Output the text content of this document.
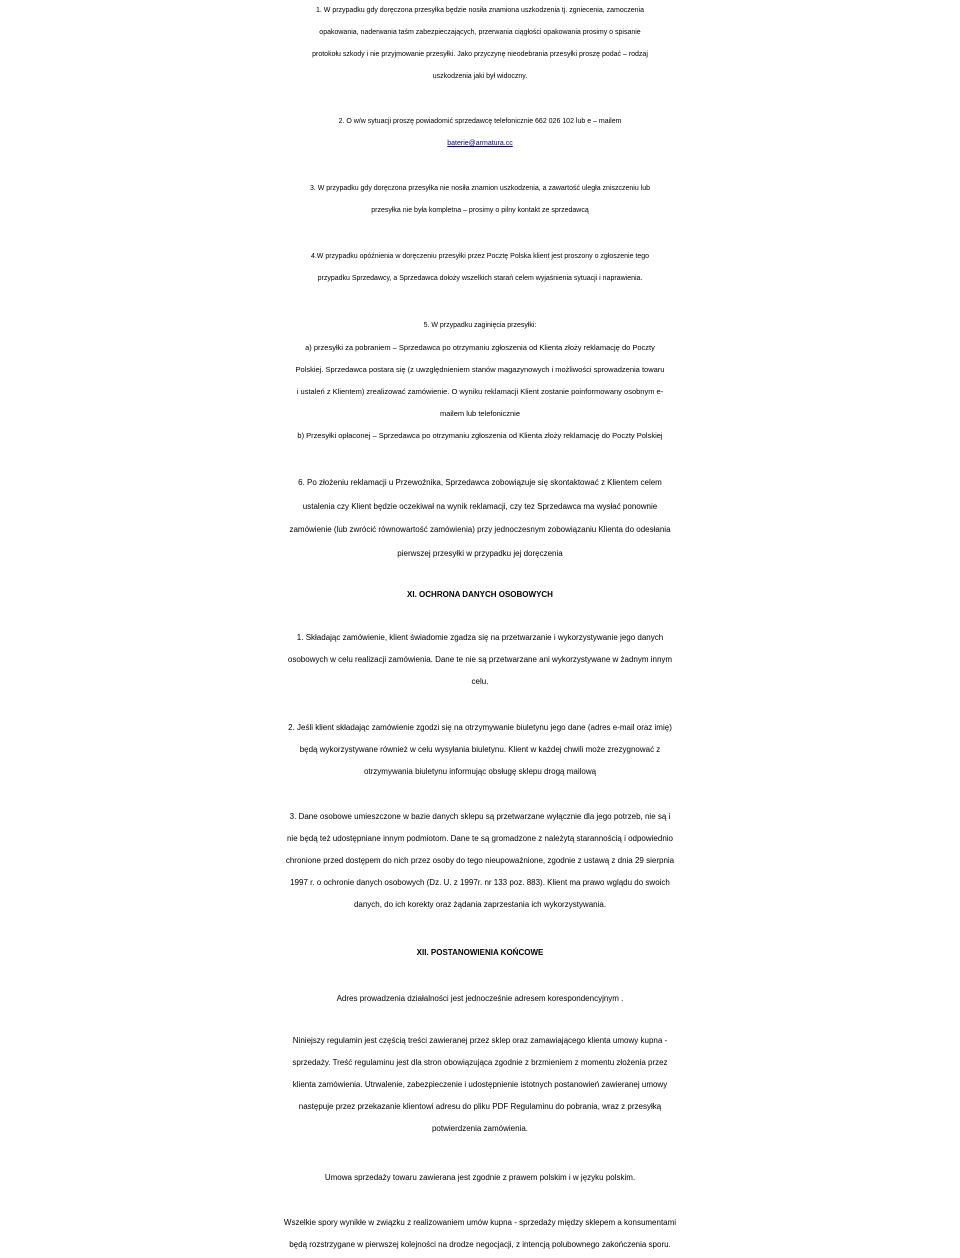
1. W przypadku gdy doręczona przesyłka będzie nosiła znamiona uszkodzenia tj. zgniecenia, zamoczenia
opakowania, naderwania taśm zabezpieczających, przerwania ciągłości opakowania prosimy o spisanie
protokołu szkody i nie przyjmowanie przesyłki. Jako przyczynę nieodebrania przesyłki proszę podać – rodzaj
uszkodzenia jaki był widoczny.
2. O w/w sytuacji proszę powiadomić sprzedawcę telefonicznie 662 026 102 lub e – mailem
baterie@armatura.cc
3. W przypadku gdy doręczona przesyłka nie nosiła znamion uszkodzenia, a zawartość uległa zniszczeniu lub
przesyłka nie była kompletna – prosimy o pilny kontakt ze sprzedawcą
4.W przypadku opóźnienia w doręczeniu przesyłki przez Pocztę Polska klient jest proszony o zgłoszenie tego
przypadku Sprzedawcy, a Sprzedawca dołoży wszelkich starań celem wyjaśnienia sytuacji i naprawienia.
5. W przypadku zaginięcia przesyłki:
a) przesyłki za pobraniem – Sprzedawca po otrzymaniu zgłoszenia od Klienta złoży reklamację do Poczty
Polskiej. Sprzedawca postara się (z uwzględnieniem stanów magazynowych i możliwości sprowadzenia towaru
i ustaleń z Klientem) zrealizować zamówienie. O wyniku reklamacji Klient zostanie poinformowany osobnym e-
mailem lub telefonicznie
b) Przesyłki opłaconej – Sprzedawca po otrzymaniu zgłoszenia od Klienta złoży reklamację do Poczty Polskiej
6. Po złożeniu reklamacji u Przewoźnika, Sprzedawca zobowiązuje się skontaktować z Klientem celem
ustalenia czy Klient będzie oczekiwał na wynik reklamacji, czy tez Sprzedawca ma wysłać ponownie
zamówienie (lub zwrócić równowartość zamówienia) przy jednoczesnym zobowiązaniu Klienta do odesłania
pierwszej przesyłki w przypadku jej doręczenia
XI. OCHRONA DANYCH OSOBOWYCH
1. Składając zamówienie, klient świadomie zgadza się na przetwarzanie i wykorzystywanie jego danych
osobowych w celu realizacji zamówienia. Dane te nie są przetwarzane ani wykorzystywane w żadnym innym
celu.
2. Jeśli klient składając zamówienie zgodzi się na otrzymywanie biuletynu jego dane (adres e-mail oraz imię)
będą wykorzystywane również w celu wysyłania biuletynu. Klient w każdej chwili może zrezygnować z
otrzymywania biuletynu informując obsługę sklepu drogą mailową
3. Dane osobowe umieszczone w bazie danych sklepu są przetwarzane wyłącznie dla jego potrzeb, nie są i
nie będą też udostępniane innym podmiotom. Dane te są gromadzone z należytą starannością i odpowiednio
chronione przed dostępem do nich przez osoby do tego nieupoważnione, zgodnie z ustawą z dnia 29 sierpnia
1997 r. o ochronie danych osobowych (Dz. U. z 1997r. nr 133 poz. 883). Klient ma prawo wglądu do swoich
danych, do ich korekty oraz żądania zaprzestania ich wykorzystywania.
XII. POSTANOWIENIA KOŃCOWE
Adres prowadzenia działalności jest jednocześnie adresem korespondencyjnym .
Niniejszy regulamin jest częścią treści zawieranej przez sklep oraz zamawiającego klienta umowy kupna -
sprzedaży. Treść regulaminu jest dla stron obowiązująca zgodnie z brzmieniem z momentu złożenia przez
klienta zamówienia. Utrwalenie, zabezpieczenie i udostępnienie istotnych postanowień zawieranej umowy
następuje przez przekazanie klientowi adresu do pliku PDF Regulaminu do pobrania, wraz z przesyłką
potwierdzenia zamówienia.
Umowa sprzedaży towaru zawierana jest zgodnie z prawem polskim i w języku polskim.
Wszelkie spory wynikłe w związku z realizowaniem umów kupna - sprzedaży między sklepem a konsumentami
będą rozstrzygane w pierwszej kolejności na drodze negocjacji, z intencją polubownego zakończenia sporu.
